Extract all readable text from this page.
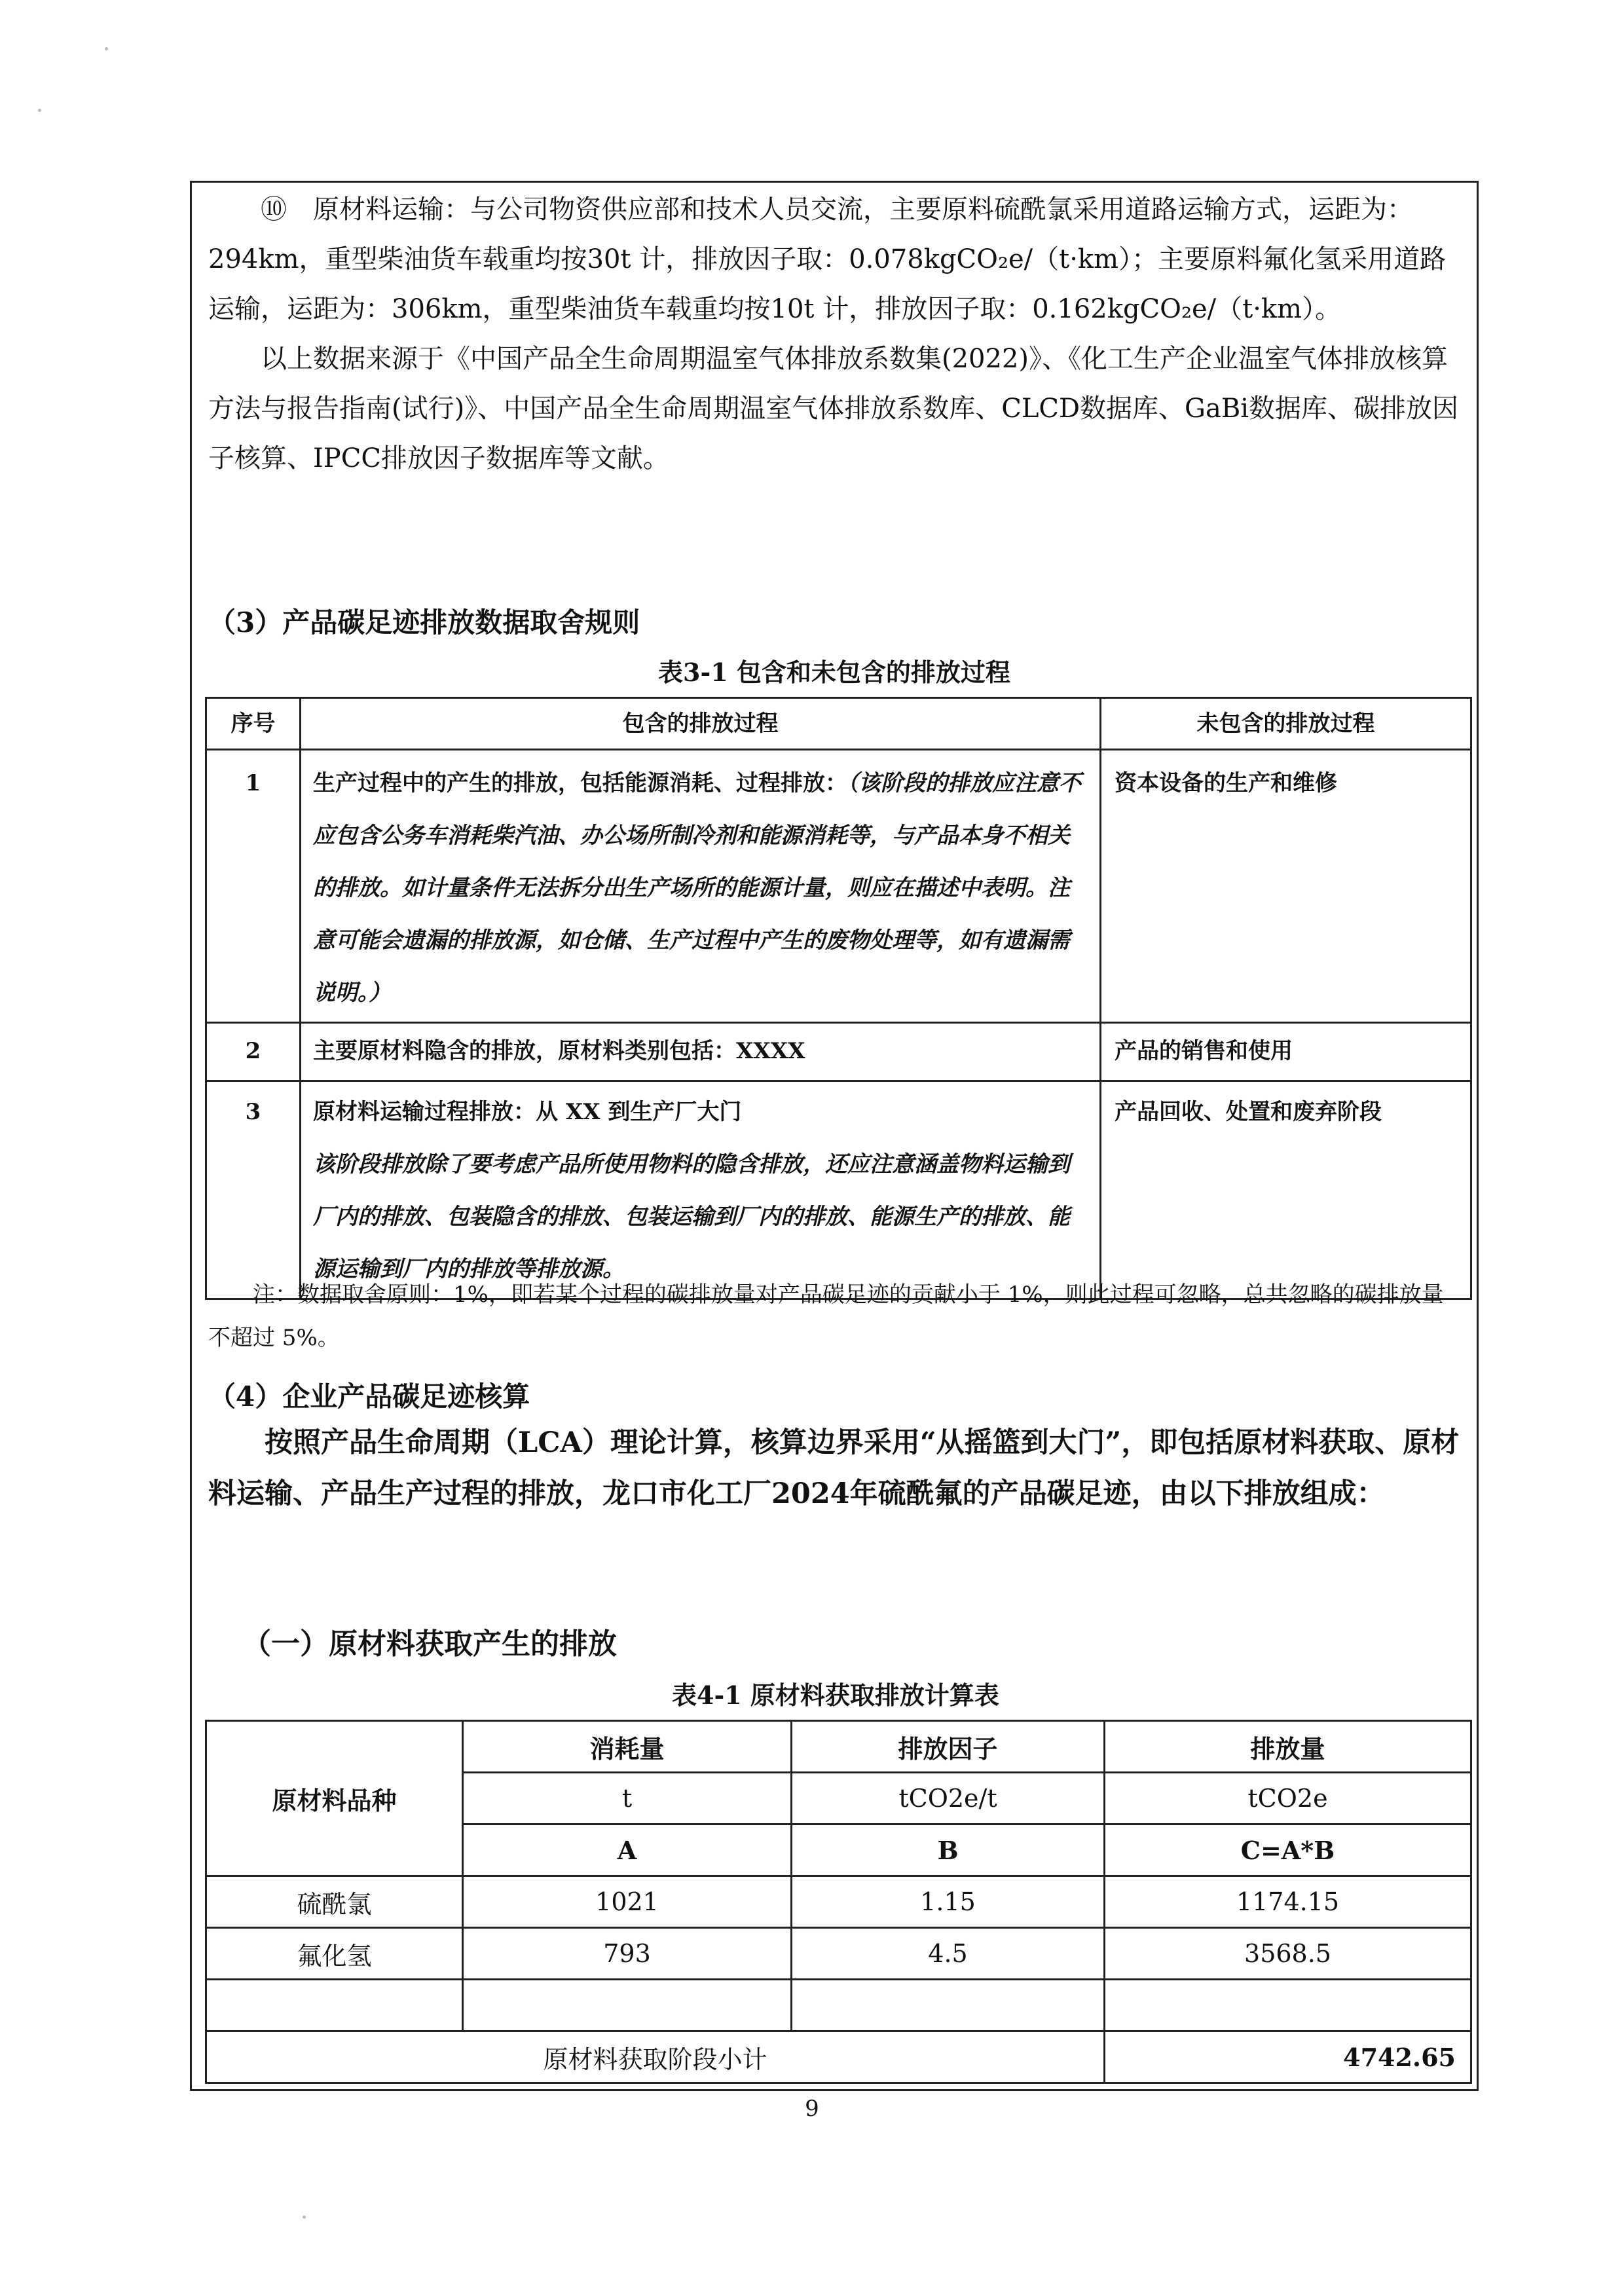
⑩　原材料运输：与公司物资供应部和技术人员交流，主要原料硫酰氯采用道路运输方式，运距为：294km，重型柴油货车载重均按30t 计，排放因子取：0.078kgCO₂e/（t·km）；主要原料氟化氢采用道路运输，运距为：306km，重型柴油货车载重均按10t 计，排放因子取：0.162kgCO₂e/（t·km）。

以上数据来源于《中国产品全生命周期温室气体排放系数集(2022)》、《化工生产企业温室气体排放核算方法与报告指南(试行)》、中国产品全生命周期温室气体排放系数库、CLCD数据库、GaBi数据库、碳排放因子核算、IPCC排放因子数据库等文献。

（3）产品碳足迹排放数据取舍规则
表3-1 包含和未包含的排放过程
序号	包含的排放过程	未包含的排放过程
1	生产过程中的产生的排放，包括能源消耗、过程排放：（该阶段的排放应注意不应包含公务车消耗柴汽油、办公场所制冷剂和能源消耗等，与产品本身不相关的排放。如计量条件无法拆分出生产场所的能源计量，则应在描述中表明。注意可能会遗漏的排放源，如仓储、生产过程中产生的废物处理等，如有遗漏需说明。）	资本设备的生产和维修
2	主要原材料隐含的排放，原材料类别包括：XXXX	产品的销售和使用
3	原材料运输过程排放：从 XX 到生产厂大门
该阶段排放除了要考虑产品所使用物料的隐含排放，还应注意涵盖物料运输到厂内的排放、包装隐含的排放、包装运输到厂内的排放、能源生产的排放、能源运输到厂内的排放等排放源。	产品回收、处置和废弃阶段
注：数据取舍原则：1%，即若某个过程的碳排放量对产品碳足迹的贡献小于 1%，则此过程可忽略，总共忽略的碳排放量不超过 5%。
（4）企业产品碳足迹核算

按照产品生命周期（LCA）理论计算，核算边界采用“从摇篮到大门”，即包括原材料获取、原材料运输、产品生产过程的排放，龙口市化工厂2024年硫酰氟的产品碳足迹，由以下排放组成：

（一）原材料获取产生的排放
表4-1 原材料获取排放计算表
原材料品种	消耗量	排放因子	排放量
	t	tCO2e/t	tCO2e
	A	B	C=A*B
硫酰氯	1021	1.15	1174.15
氟化氢	793	4.5	3568.5

原材料获取阶段小计			4742.65
9
